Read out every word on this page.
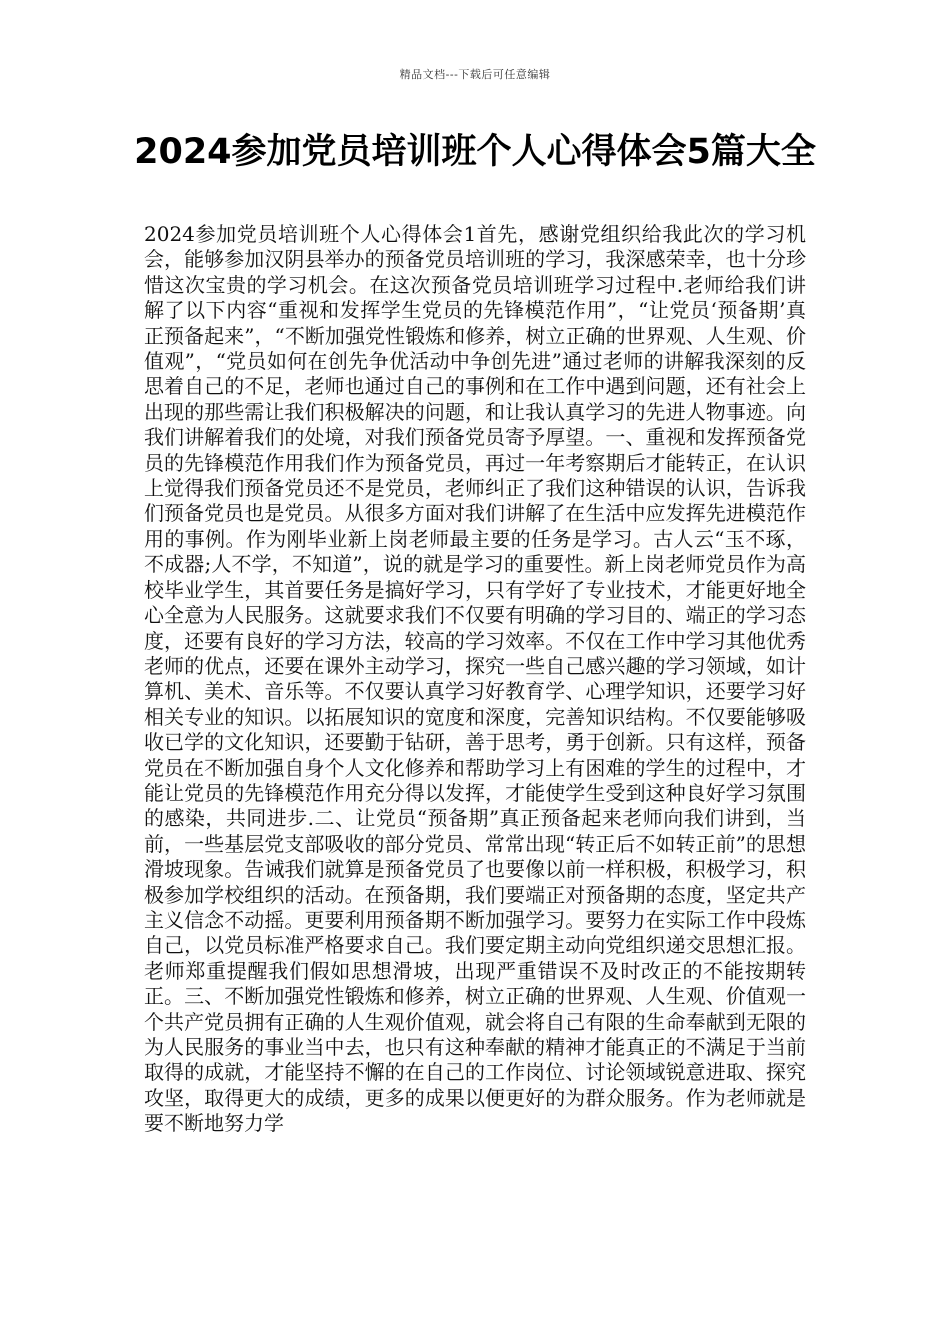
精品文档---下载后可任意编辑
2024参加党员培训班个人心得体会5篇大全

2024参加党员培训班个人心得体会1首先，感谢党组织给我此次的学习机会，能够参加汉阴县举办的预备党员培训班的学习，我深感荣幸，也十分珍惜这次宝贵的学习机会。在这次预备党员培训班学习过程中.老师给我们讲解了以下内容“重视和发挥学生党员的先锋模范作用”，“让党员‘预备期’真正预备起来”，“不断加强党性锻炼和修养，树立正确的世界观、人生观、价值观”，“党员如何在创先争优活动中争创先进”通过老师的讲解我深刻的反思着自己的不足，老师也通过自己的事例和在工作中遇到问题，还有社会上出现的那些需让我们积极解决的问题，和让我认真学习的先进人物事迹。向我们讲解着我们的处境，对我们预备党员寄予厚望。一、重视和发挥预备党员的先锋模范作用我们作为预备党员，再过一年考察期后才能转正，在认识上觉得我们预备党员还不是党员，老师纠正了我们这种错误的认识，告诉我们预备党员也是党员。从很多方面对我们讲解了在生活中应发挥先进模范作用的事例。作为刚毕业新上岗老师最主要的任务是学习。古人云“玉不琢，不成器;人不学，不知道”，说的就是学习的重要性。新上岗老师党员作为高校毕业学生，其首要任务是搞好学习，只有学好了专业技术，才能更好地全心全意为人民服务。这就要求我们不仅要有明确的学习目的、端正的学习态度，还要有良好的学习方法，较高的学习效率。不仅在工作中学习其他优秀老师的优点，还要在课外主动学习，探究一些自己感兴趣的学习领域，如计算机、美术、音乐等。不仅要认真学习好教育学、心理学知识，还要学习好相关专业的知识。以拓展知识的宽度和深度，完善知识结构。不仅要能够吸收已学的文化知识，还要勤于钻研，善于思考，勇于创新。只有这样，预备党员在不断加强自身个人文化修养和帮助学习上有困难的学生的过程中，才能让党员的先锋模范作用充分得以发挥，才能使学生受到这种良好学习氛围的感染，共同进步.二、让党员“预备期”真正预备起来老师向我们讲到，当前，一些基层党支部吸收的部分党员、常常出现“转正后不如转正前”的思想滑坡现象。告诫我们就算是预备党员了也要像以前一样积极，积极学习，积极参加学校组织的活动。在预备期，我们要端正对预备期的态度，坚定共产主义信念不动摇。更要利用预备期不断加强学习。要努力在实际工作中段炼自己，以党员标准严格要求自己。我们要定期主动向党组织递交思想汇报。老师郑重提醒我们假如思想滑坡，出现严重错误不及时改正的不能按期转正。三、不断加强党性锻炼和修养，树立正确的世界观、人生观、价值观一个共产党员拥有正确的人生观价值观，就会将自己有限的生命奉献到无限的为人民服务的事业当中去，也只有这种奉献的精神才能真正的不满足于当前取得的成就，才能坚持不懈的在自己的工作岗位、讨论领域锐意进取、探究攻坚，取得更大的成绩，更多的成果以便更好的为群众服务。作为老师就是要不断地努力学
